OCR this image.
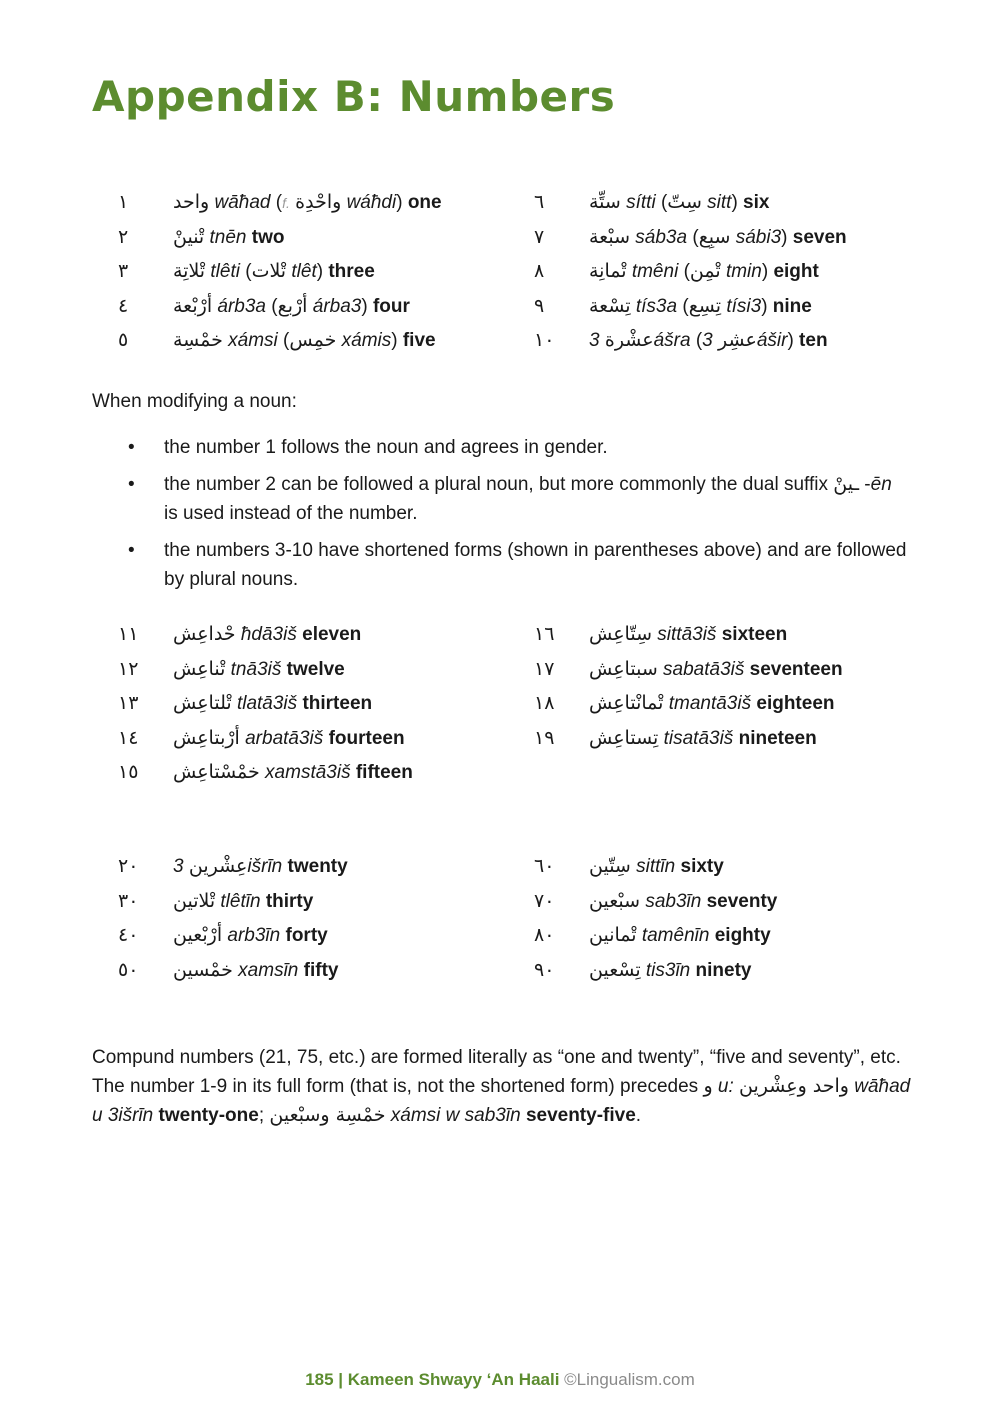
Appendix B: Numbers
١	واحد wāħad (f. واحْدِة wáħdi) one
٢	تْنينْ tnēn two
٣	تْلاتِة tlêti (تْلات tlêt) three
٤	أرْبْعة árb3a (أرْبع árba3) four
٥	خمْسِة xámsi (خمِس xámis) five
٦	ستِّة sítti (سِتّ sitt) six
٧	سبْعة sáb3a (سبِع sábi3) seven
٨	تْمانِة tmêni (تْمِن tmin) eight
٩	تِسْعة tís3a (تِسِع tísi3) nine
١٠	عشْرة 3ášra ( عشِر 3ášir) ten

When modifying a noun:

• the number 1 follows the noun and agrees in gender.
• the number 2 can be followed a plural noun, but more commonly the dual suffix ـينْ -ēn is used instead of the number.
• the numbers 3-10 have shortened forms (shown in parentheses above) and are followed by plural nouns.
١١	حْداعِش ħdā3iš eleven
١٢	تْناعِش tnā3iš twelve
١٣	تْلتاعِش tlatā3iš thirteen
١٤	أرْبتاعِش arbatā3iš fourteen
١٥	خمْسْتاعِش xamstā3iš fifteen
١٦	سِتّاعِش sittā3iš sixteen
١٧	سبتاعِش sabatā3iš seventeen
١٨	تْمانْتاعِش tmantā3iš eighteen
١٩	تِستاعِش tisatā3iš nineteen
٢٠	عِشْرين 3išrīn twenty
٣٠	تْلاتين tlêtīn thirty
٤٠	أرْبْعين arb3īn forty
٥٠	خمْسين xamsīn fifty
٦٠	سِتّين sittīn sixty
٧٠	سبْعين sab3īn seventy
٨٠	تْمانين tamênīn eighty
٩٠	تِسْعين tis3īn ninety

Compund numbers (21, 75, etc.) are formed literally as “one and twenty”, “five and seventy”, etc. The number 1-9 in its full form (that is, not the shortened form) precedes و u: واحد وعِشْرين wāħad u 3išrīn twenty-one; خمْسِة وسبْعين xámsi w sab3īn seventy-five.

185 | Kameen Shwayy ‘An Haali ©Lingualism.com
